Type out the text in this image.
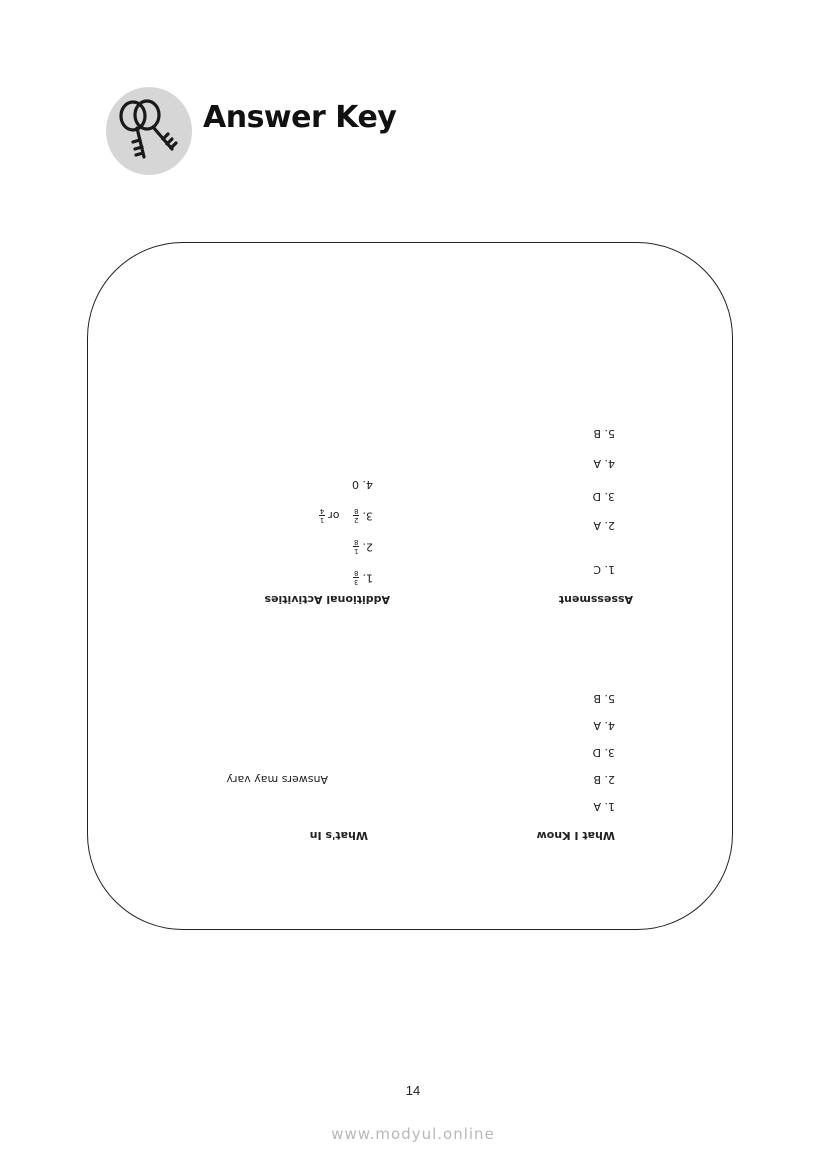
Answer Key
What I Know
1. A
2. B
3. D
4. A
5. B
What's In
Answers may vary
Assessment
1. C
2. A
3. D
4. A
5. B
Additional Activities
1.
3
8
2.
1
8
3.
2
8
or
1
4
4. 0
14
www.modyul.online
